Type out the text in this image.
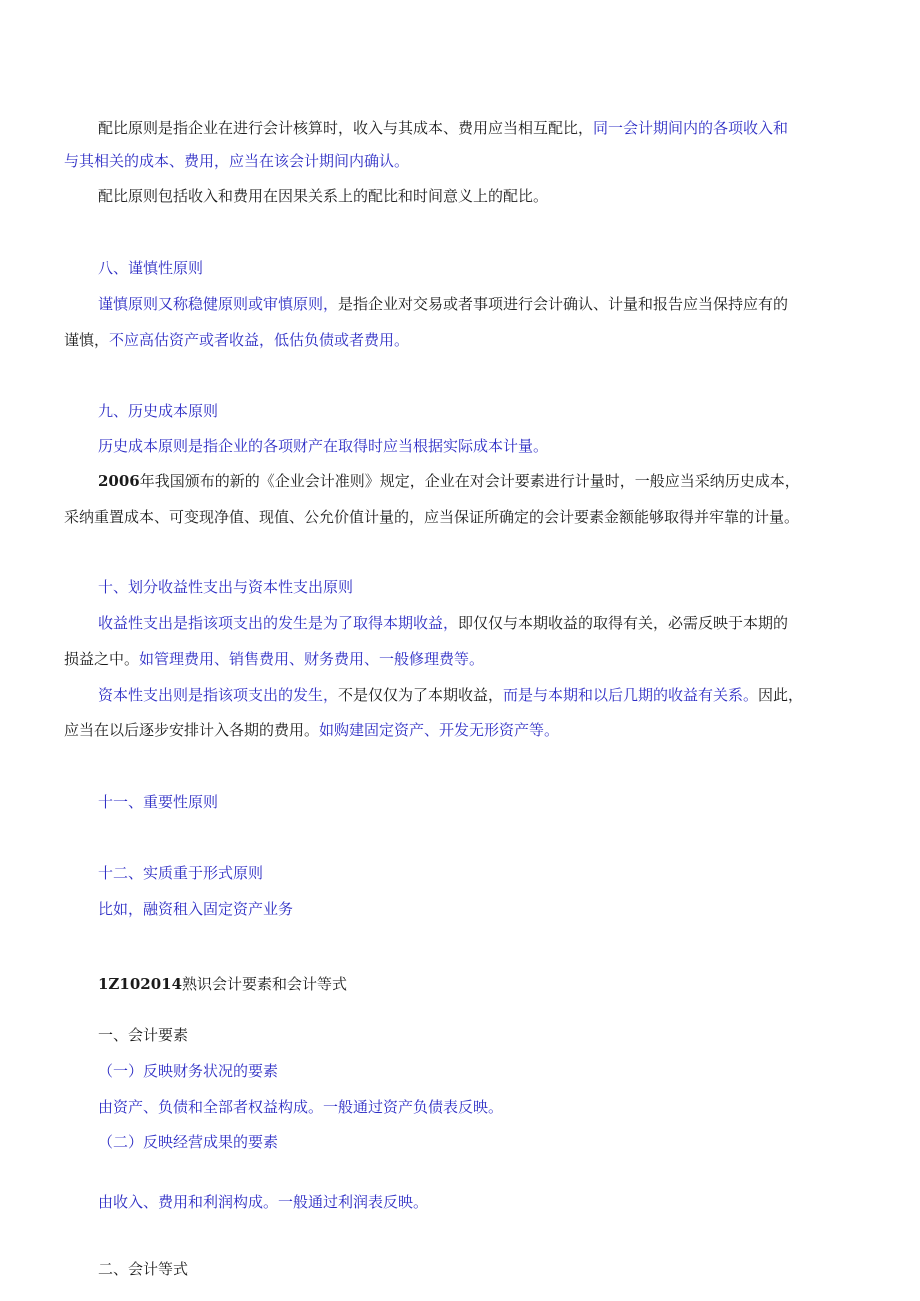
配比原则是指企业在进行会计核算时，收入与其成本、费用应当相互配比，同一会计期间内的各项收入和
与其相关的成本、费用，应当在该会计期间内确认。
配比原则包括收入和费用在因果关系上的配比和时间意义上的配比。
八、谨慎性原则
谨慎原则又称稳健原则或审慎原则，是指企业对交易或者事项进行会计确认、计量和报告应当保持应有的
谨慎，不应高估资产或者收益，低估负债或者费用。
九、历史成本原则
历史成本原则是指企业的各项财产在取得时应当根据实际成本计量。
2006年我国颁布的新的《企业会计准则》规定，企业在对会计要素进行计量时，一般应当采纳历史成本，
采纳重置成本、可变现净值、现值、公允价值计量的，应当保证所确定的会计要素金额能够取得并牢靠的计量。
十、划分收益性支出与资本性支出原则
收益性支出是指该项支出的发生是为了取得本期收益，即仅仅与本期收益的取得有关，必需反映于本期的
损益之中。如管理费用、销售费用、财务费用、一般修理费等。
资本性支出则是指该项支出的发生，不是仅仅为了本期收益，而是与本期和以后几期的收益有关系。因此，
应当在以后逐步安排计入各期的费用。如购建固定资产、开发无形资产等。
十一、重要性原则
十二、实质重于形式原则
比如，融资租入固定资产业务
1Z102014熟识会计要素和会计等式
一、会计要素
（一）反映财务状况的要素
由资产、负债和全部者权益构成。一般通过资产负债表反映。
（二）反映经营成果的要素
由收入、费用和利润构成。一般通过利润表反映。
二、会计等式
